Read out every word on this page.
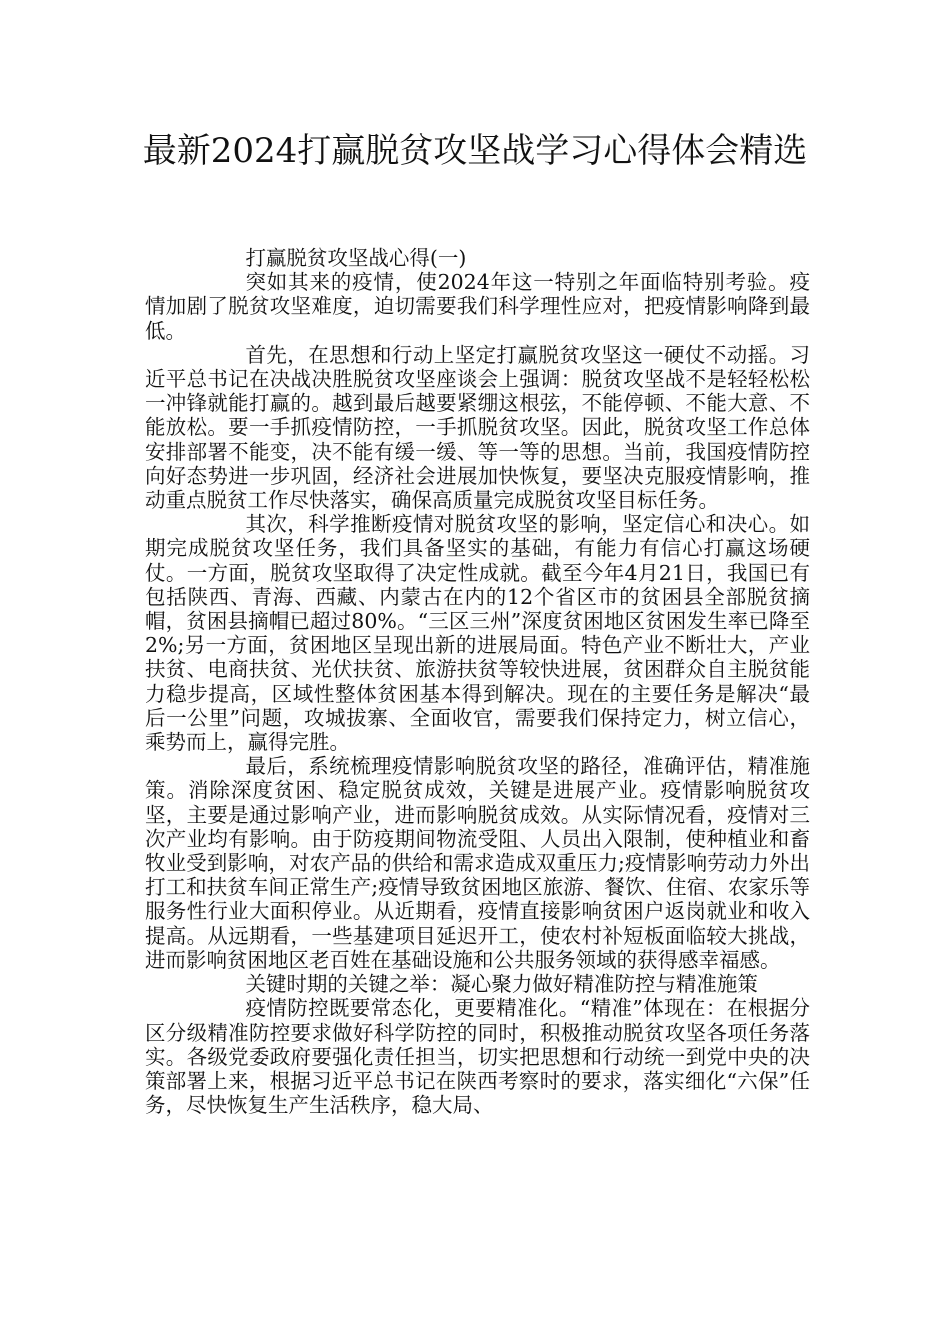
最新2024打赢脱贫攻坚战学习心得体会精选

打赢脱贫攻坚战心得(一)

突如其来的疫情，使2024年这一特别之年面临特别考验。疫情加剧了脱贫攻坚难度，迫切需要我们科学理性应对，把疫情影响降到最低。

首先，在思想和行动上坚定打赢脱贫攻坚这一硬仗不动摇。习近平总书记在决战决胜脱贫攻坚座谈会上强调：脱贫攻坚战不是轻轻松松一冲锋就能打赢的。越到最后越要紧绷这根弦，不能停顿、不能大意、不能放松。要一手抓疫情防控，一手抓脱贫攻坚。因此，脱贫攻坚工作总体安排部署不能变，决不能有缓一缓、等一等的思想。当前，我国疫情防控向好态势进一步巩固，经济社会进展加快恢复，要坚决克服疫情影响，推动重点脱贫工作尽快落实，确保高质量完成脱贫攻坚目标任务。

其次，科学推断疫情对脱贫攻坚的影响，坚定信心和决心。如期完成脱贫攻坚任务，我们具备坚实的基础，有能力有信心打赢这场硬仗。一方面，脱贫攻坚取得了决定性成就。截至今年4月21日，我国已有包括陕西、青海、西藏、内蒙古在内的12个省区市的贫困县全部脱贫摘帽，贫困县摘帽已超过80%。“三区三州”深度贫困地区贫困发生率已降至2%;另一方面，贫困地区呈现出新的进展局面。特色产业不断壮大，产业扶贫、电商扶贫、光伏扶贫、旅游扶贫等较快进展，贫困群众自主脱贫能力稳步提高，区域性整体贫困基本得到解决。现在的主要任务是解决“最后一公里”问题，攻城拔寨、全面收官，需要我们保持定力，树立信心，乘势而上，赢得完胜。

最后，系统梳理疫情影响脱贫攻坚的路径，准确评估，精准施策。消除深度贫困、稳定脱贫成效，关键是进展产业。疫情影响脱贫攻坚，主要是通过影响产业，进而影响脱贫成效。从实际情况看，疫情对三次产业均有影响。由于防疫期间物流受阻、人员出入限制，使种植业和畜牧业受到影响，对农产品的供给和需求造成双重压力;疫情影响劳动力外出打工和扶贫车间正常生产;疫情导致贫困地区旅游、餐饮、住宿、农家乐等服务性行业大面积停业。从近期看，疫情直接影响贫困户返岗就业和收入提高。从远期看，一些基建项目延迟开工，使农村补短板面临较大挑战，进而影响贫困地区老百姓在基础设施和公共服务领域的获得感幸福感。

关键时期的关键之举：凝心聚力做好精准防控与精准施策

疫情防控既要常态化，更要精准化。“精准”体现在：在根据分区分级精准防控要求做好科学防控的同时，积极推动脱贫攻坚各项任务落实。各级党委政府要强化责任担当，切实把思想和行动统一到党中央的决策部署上来，根据习近平总书记在陕西考察时的要求，落实细化“六保”任务，尽快恢复生产生活秩序，稳大局、
